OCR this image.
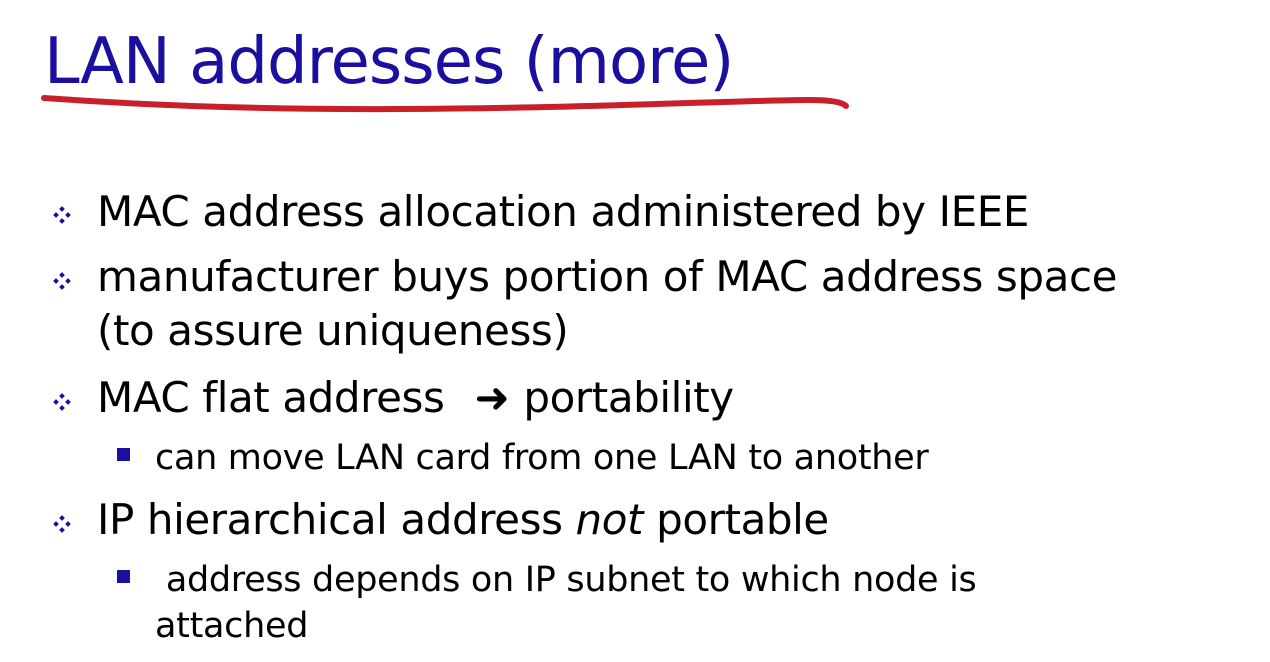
LAN addresses (more)
MAC address allocation administered by IEEE
manufacturer buys portion of MAC address space
(to assure uniqueness)
MAC flat address ➜ portability
can move LAN card from one LAN to another
IP hierarchical address not portable
address depends on IP subnet to which node is
attached
